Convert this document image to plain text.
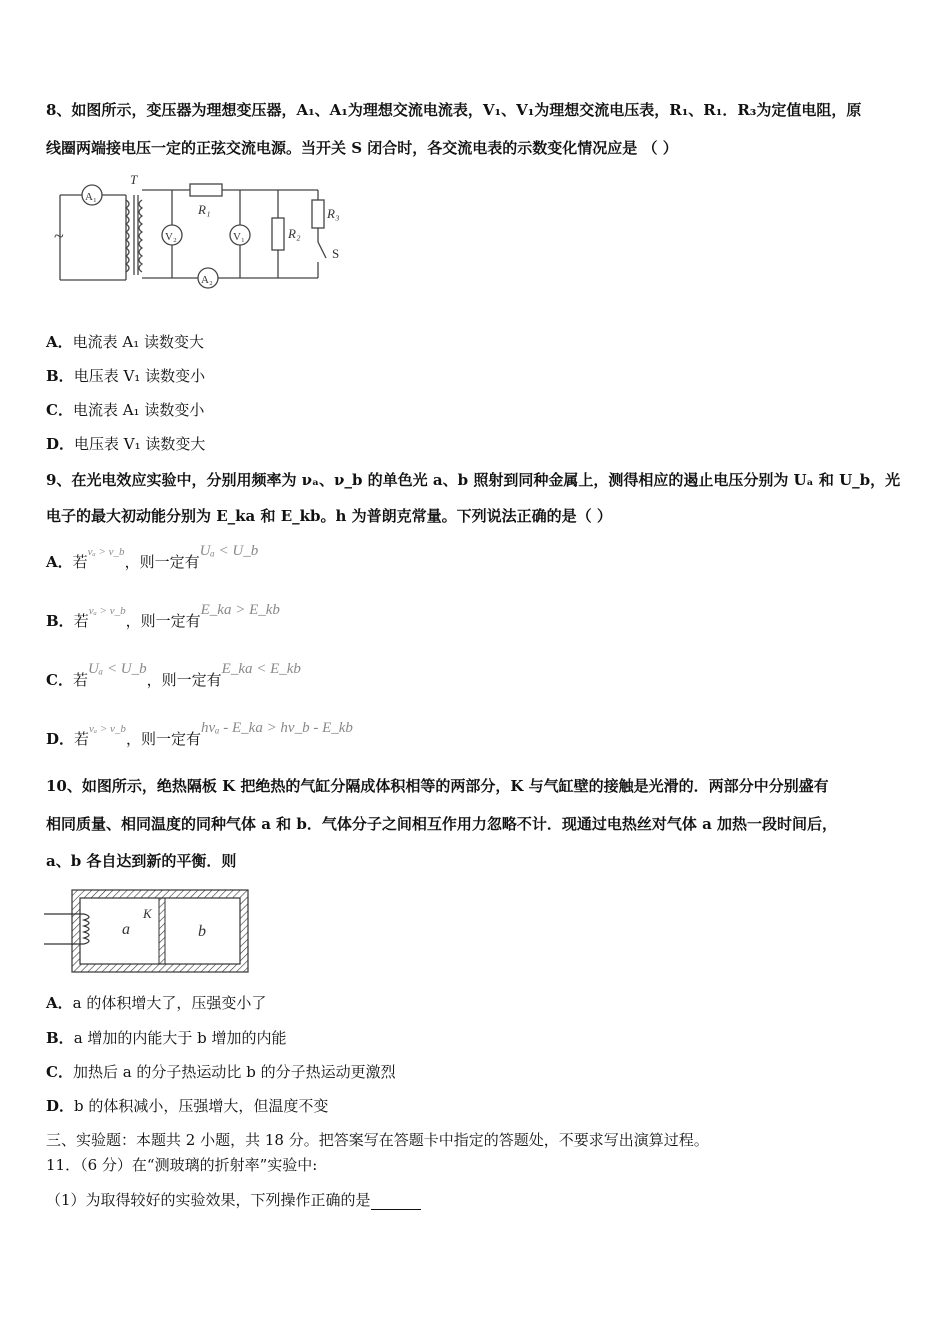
8、如图所示，变压器为理想变压器，A₁、A₁为理想交流电流表，V₁、V₁为理想交流电压表，R₁、R₁．R₃为定值电阻，原
线圈两端接电压一定的正弦交流电源。当开关 S 闭合时，各交流电表的示数变化情况应是 （ ）
~
A₁
T
R₁
V₂	V₁	R₂
R₃
S
A₂
A．电流表 A₁ 读数变大
B．电压表 V₁ 读数变小
C．电流表 A₁ 读数变小
D．电压表 V₁ 读数变大
9、在光电效应实验中，分别用频率为 νₐ、ν_b 的单色光 a、b 照射到同种金属上，测得相应的遏止电压分别为 Uₐ 和 U_b，光
电子的最大初动能分别为 E_ka 和 E_kb。h 为普朗克常量。下列说法正确的是（ ）
A．若$^{\nu_a > \nu\_b}$，则一定有Uₐ < U_b
B．若$^{\nu_a > \nu\_b}$，则一定有E_ka > E_kb
C．若Uₐ < U_b，则一定有E_ka < E_kb
D．若$^{\nu_a > \nu\_b}$，则一定有hνₐ - E_ka > hν_b - E_kb
10、如图所示，绝热隔板 K 把绝热的气缸分隔成体积相等的两部分，K 与气缸壁的接触是光滑的．两部分中分别盛有
相同质量、相同温度的同种气体 a 和 b．气体分子之间相互作用力忽略不计．现通过电热丝对气体 a 加热一段时间后，
a、b 各自达到新的平衡．则
a	b
K
A．a 的体积增大了，压强变小了
B．a 增加的内能大于 b 增加的内能
C．加热后 a 的分子热运动比 b 的分子热运动更激烈
D．b 的体积减小，压强增大，但温度不变
三、实验题：本题共 2 小题，共 18 分。把答案写在答题卡中指定的答题处，不要求写出演算过程。
11．（6 分）在“测玻璃的折射率”实验中:
（1）为取得较好的实验效果，下列操作正确的是
